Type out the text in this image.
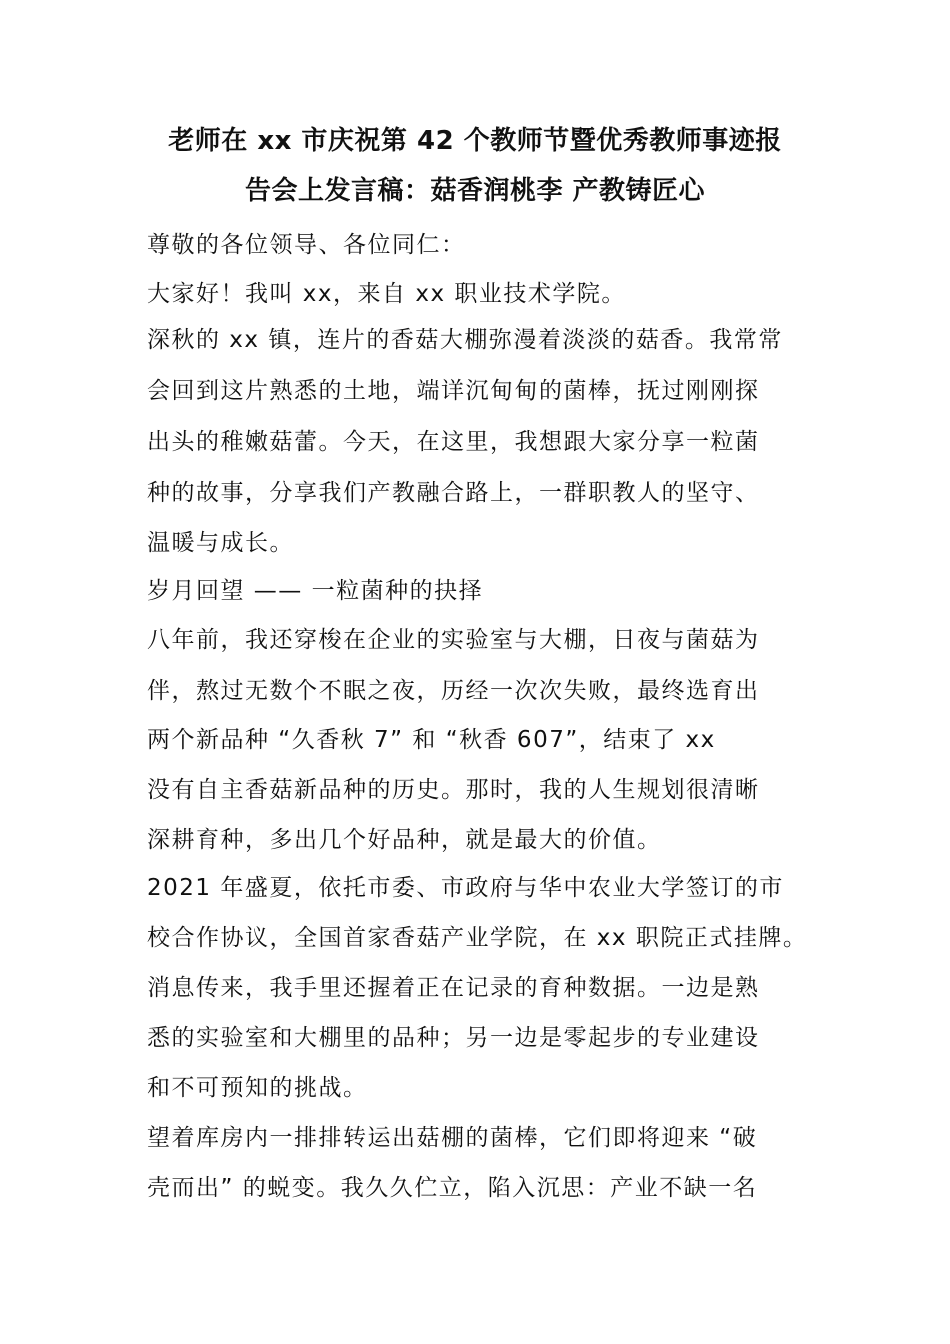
老师在 xx 市庆祝第 42 个教师节暨优秀教师事迹报
告会上发言稿：菇香润桃李 产教铸匠心
尊敬的各位领导、各位同仁：
大家好！我叫 xx，来自 xx 职业技术学院。
深秋的 xx 镇，连片的香菇大棚弥漫着淡淡的菇香。我常常
会回到这片熟悉的土地，端详沉甸甸的菌棒，抚过刚刚探
出头的稚嫩菇蕾。今天，在这里，我想跟大家分享一粒菌
种的故事，分享我们产教融合路上，一群职教人的坚守、
温暖与成长。
岁月回望 —— 一粒菌种的抉择
八年前，我还穿梭在企业的实验室与大棚，日夜与菌菇为
伴，熬过无数个不眠之夜，历经一次次失败，最终选育出
两个新品种 “久香秋 7” 和 “秋香 607”，结束了 xx
没有自主香菇新品种的历史。那时，我的人生规划很清晰
深耕育种，多出几个好品种，就是最大的价值。
2021 年盛夏，依托市委、市政府与华中农业大学签订的市
校合作协议，全国首家香菇产业学院，在 xx 职院正式挂牌。
消息传来，我手里还握着正在记录的育种数据。一边是熟
悉的实验室和大棚里的品种；另一边是零起步的专业建设
和不可预知的挑战。
望着库房内一排排转运出菇棚的菌棒，它们即将迎来 “破
壳而出” 的蜕变。我久久伫立，陷入沉思：产业不缺一名
